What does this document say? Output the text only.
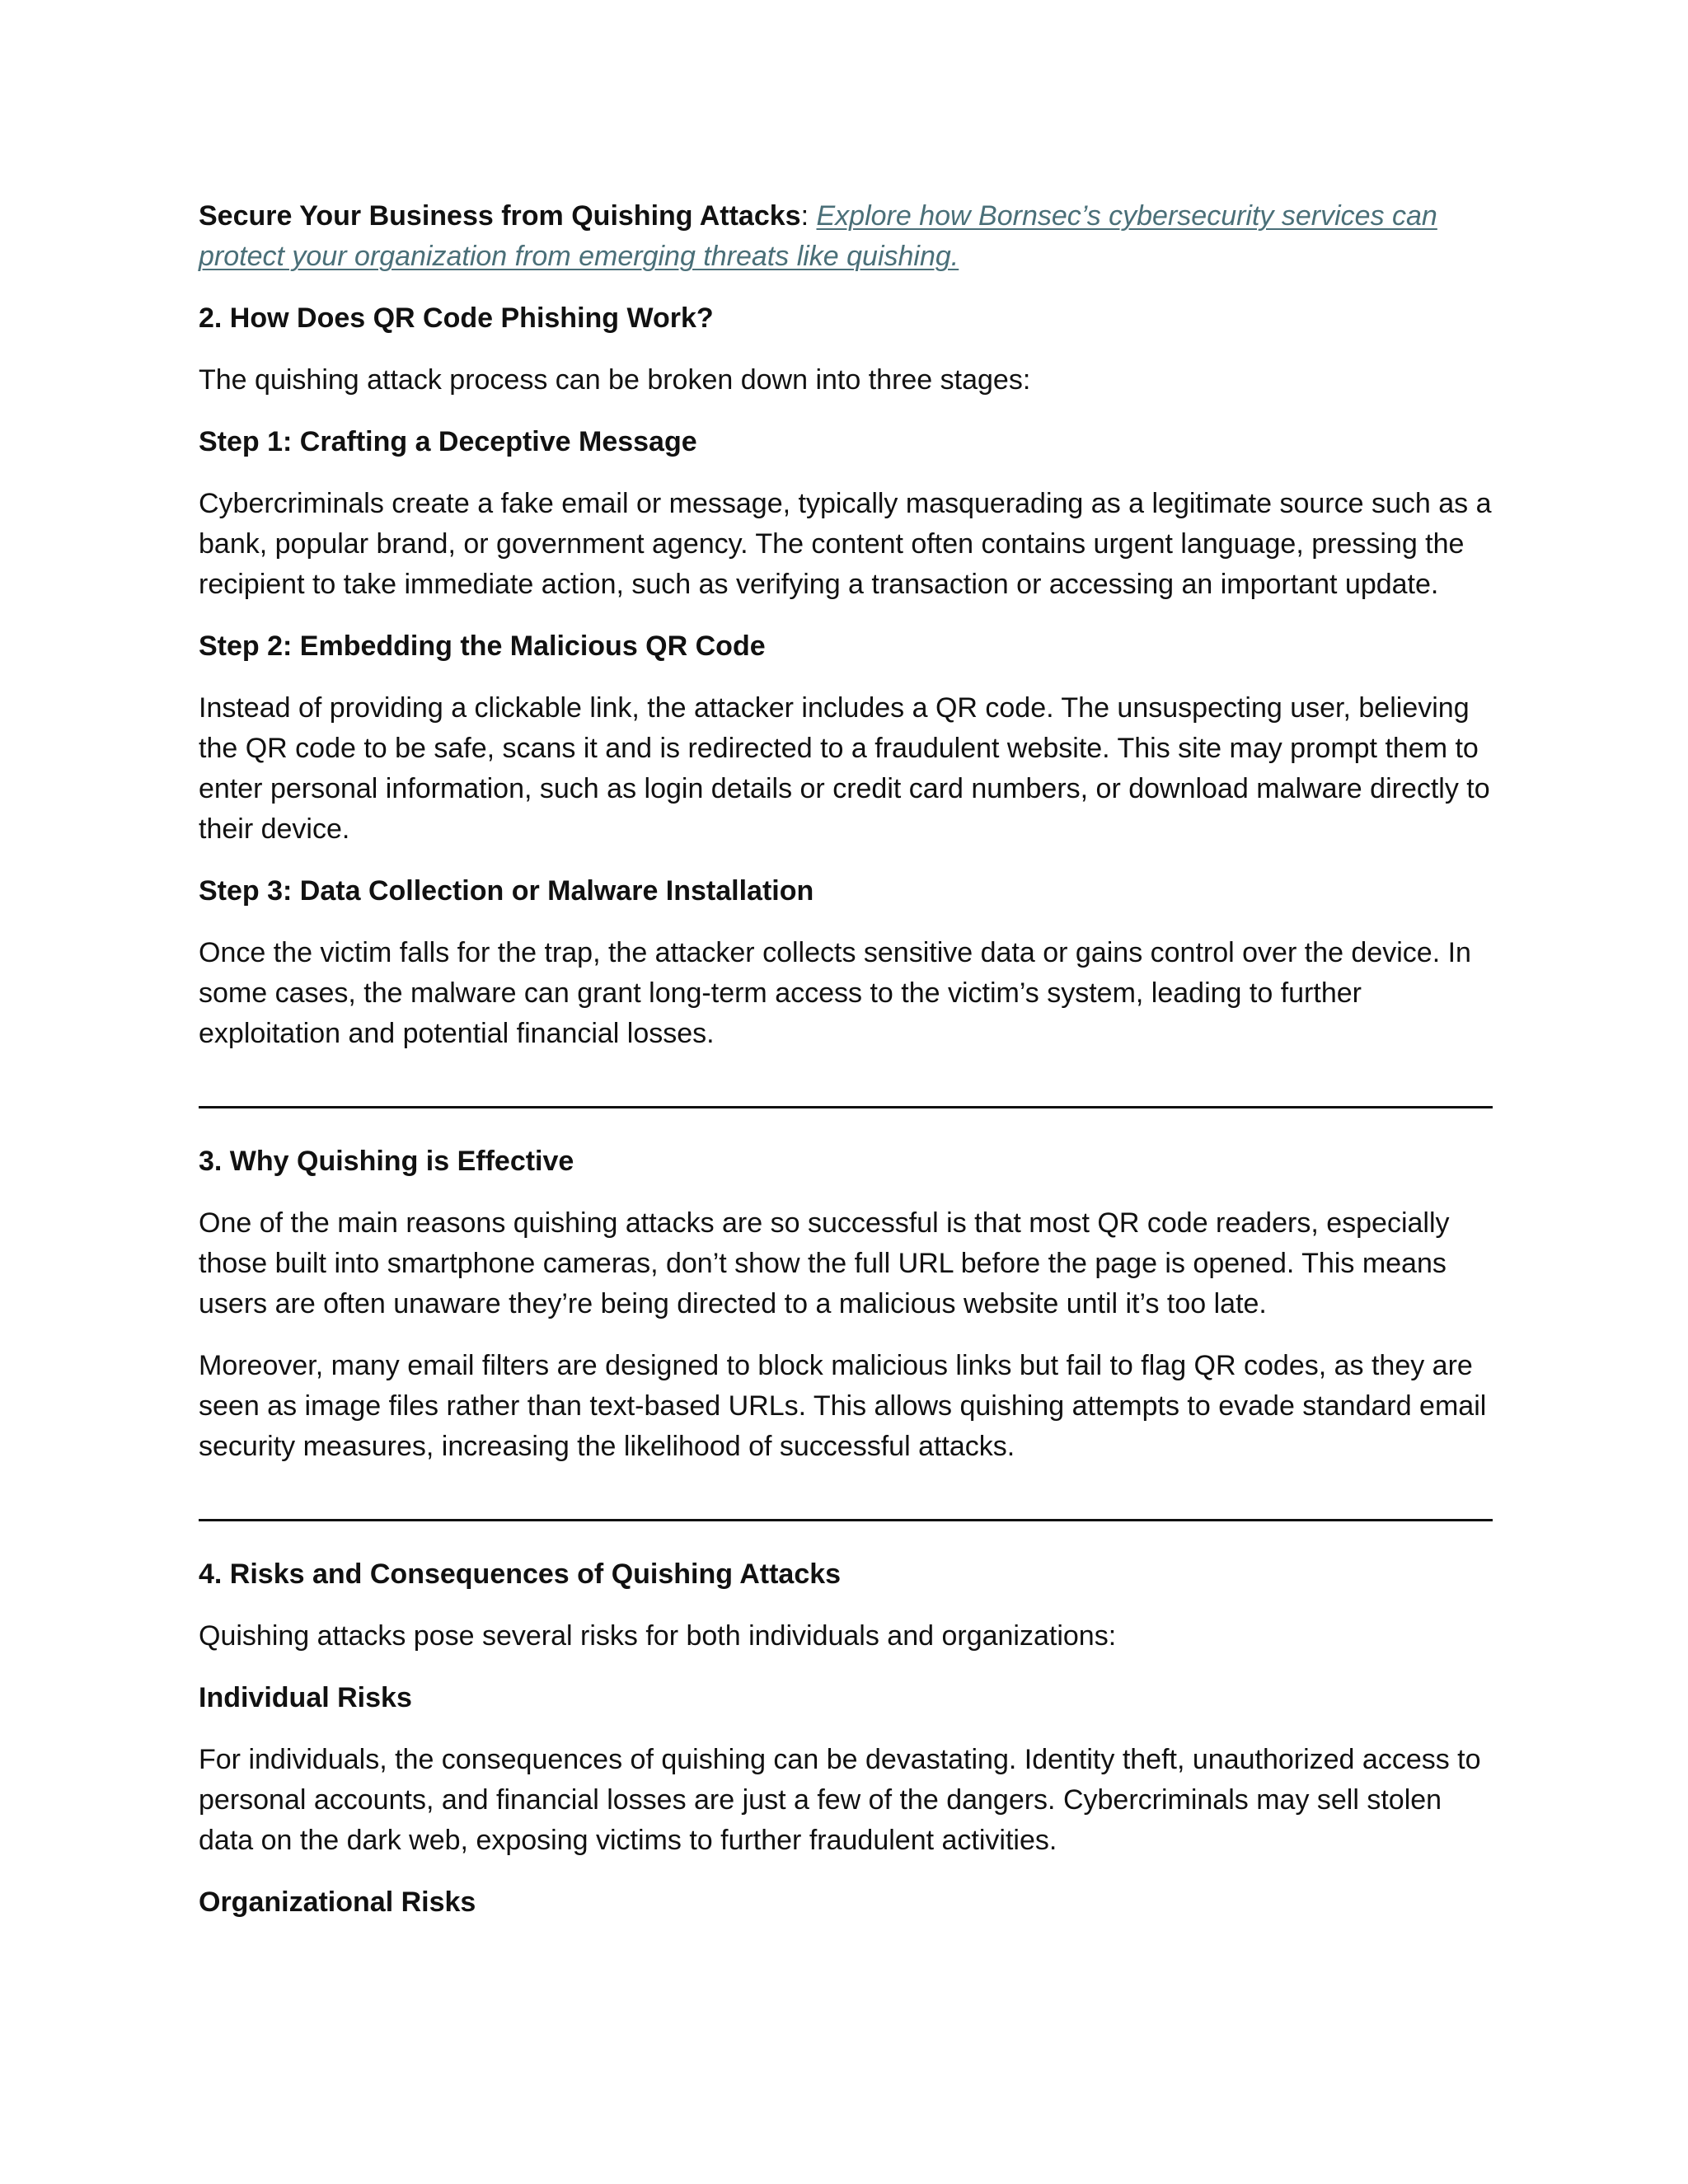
Secure Your Business from Quishing Attacks: Explore how Bornsec’s cybersecurity services can protect your organization from emerging threats like quishing.

2. How Does QR Code Phishing Work?

The quishing attack process can be broken down into three stages:

Step 1: Crafting a Deceptive Message

Cybercriminals create a fake email or message, typically masquerading as a legitimate source such as a bank, popular brand, or government agency. The content often contains urgent language, pressing the recipient to take immediate action, such as verifying a transaction or accessing an important update.

Step 2: Embedding the Malicious QR Code

Instead of providing a clickable link, the attacker includes a QR code. The unsuspecting user, believing the QR code to be safe, scans it and is redirected to a fraudulent website. This site may prompt them to enter personal information, such as login details or credit card numbers, or download malware directly to their device.

Step 3: Data Collection or Malware Installation

Once the victim falls for the trap, the attacker collects sensitive data or gains control over the device. In some cases, the malware can grant long-term access to the victim’s system, leading to further exploitation and potential financial losses.

3. Why Quishing is Effective

One of the main reasons quishing attacks are so successful is that most QR code readers, especially those built into smartphone cameras, don’t show the full URL before the page is opened. This means users are often unaware they’re being directed to a malicious website until it’s too late.

Moreover, many email filters are designed to block malicious links but fail to flag QR codes, as they are seen as image files rather than text-based URLs. This allows quishing attempts to evade standard email security measures, increasing the likelihood of successful attacks.

4. Risks and Consequences of Quishing Attacks

Quishing attacks pose several risks for both individuals and organizations:

Individual Risks

For individuals, the consequences of quishing can be devastating. Identity theft, unauthorized access to personal accounts, and financial losses are just a few of the dangers. Cybercriminals may sell stolen data on the dark web, exposing victims to further fraudulent activities.

Organizational Risks
